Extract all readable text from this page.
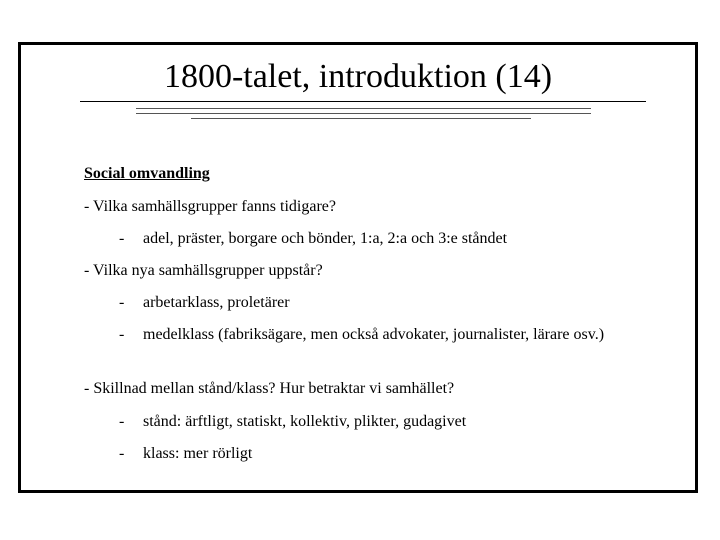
1800-talet, introduktion (14)
Social omvandling
- Vilka samhällsgrupper fanns tidigare?
- adel, präster, borgare och bönder, 1:a, 2:a och 3:e ståndet
- Vilka nya samhällsgrupper uppstår?
- arbetarklass, proletärer
-	medelklass (fabriksägare, men också advokater, journalister, lärare osv.)
- Skillnad mellan stånd/klass? Hur betraktar vi samhället?
- stånd: ärftligt, statiskt, kollektiv, plikter, gudagivet
- klass: mer rörligt
